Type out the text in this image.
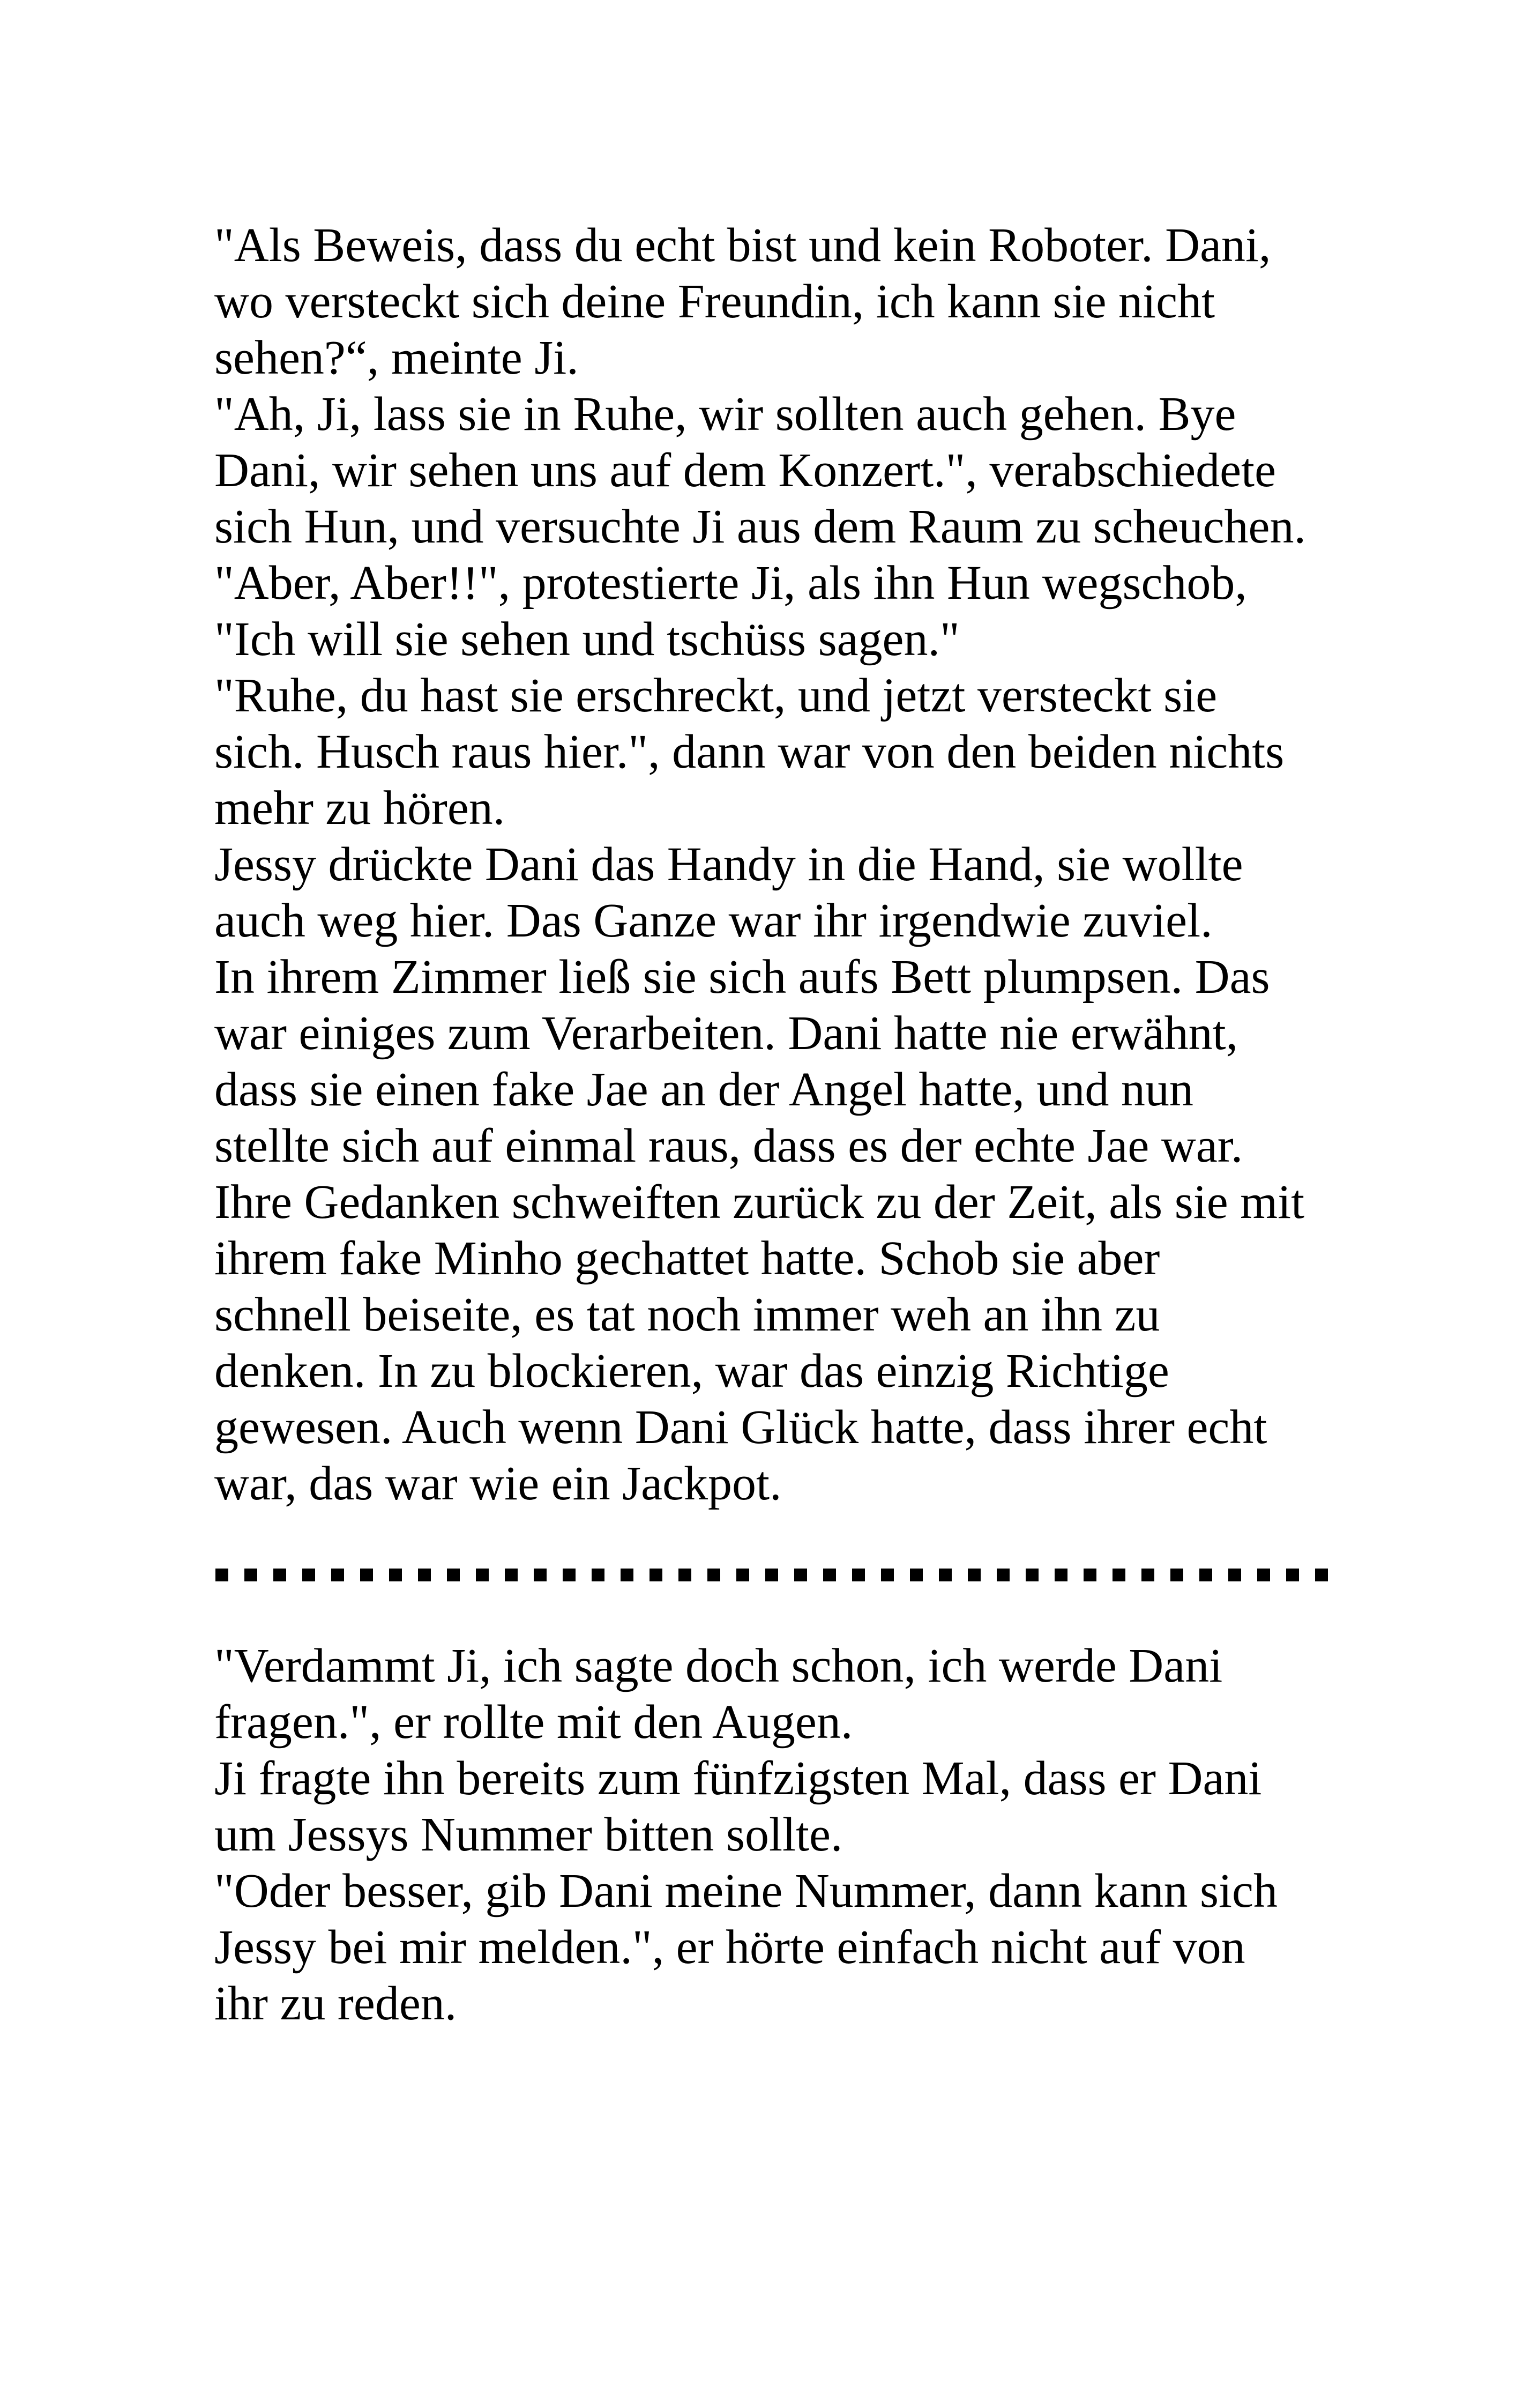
"Als Beweis, dass du echt bist und kein Roboter. Dani,
wo versteckt sich deine Freundin, ich kann sie nicht
sehen?“, meinte Ji.
"Ah, Ji, lass sie in Ruhe, wir sollten auch gehen. Bye
Dani, wir sehen uns auf dem Konzert.", verabschiedete
sich Hun, und versuchte Ji aus dem Raum zu scheuchen.
"Aber, Aber!!", protestierte Ji, als ihn Hun wegschob,
"Ich will sie sehen und tschüss sagen."
"Ruhe, du hast sie erschreckt, und jetzt versteckt sie
sich. Husch raus hier.", dann war von den beiden nichts
mehr zu hören.
Jessy drückte Dani das Handy in die Hand, sie wollte
auch weg hier. Das Ganze war ihr irgendwie zuviel.
In ihrem Zimmer ließ sie sich aufs Bett plumpsen. Das
war einiges zum Verarbeiten. Dani hatte nie erwähnt,
dass sie einen fake Jae an der Angel hatte, und nun
stellte sich auf einmal raus, dass es der echte Jae war.
Ihre Gedanken schweiften zurück zu der Zeit, als sie mit
ihrem fake Minho gechattet hatte. Schob sie aber
schnell beiseite, es tat noch immer weh an ihn zu
denken. In zu blockieren, war das einzig Richtige
gewesen. Auch wenn Dani Glück hatte, dass ihrer echt
war, das war wie ein Jackpot.
"Verdammt Ji, ich sagte doch schon, ich werde Dani
fragen.", er rollte mit den Augen.
Ji fragte ihn bereits zum fünfzigsten Mal, dass er Dani
um Jessys Nummer bitten sollte.
"Oder besser, gib Dani meine Nummer, dann kann sich
Jessy bei mir melden.", er hörte einfach nicht auf von
ihr zu reden.
